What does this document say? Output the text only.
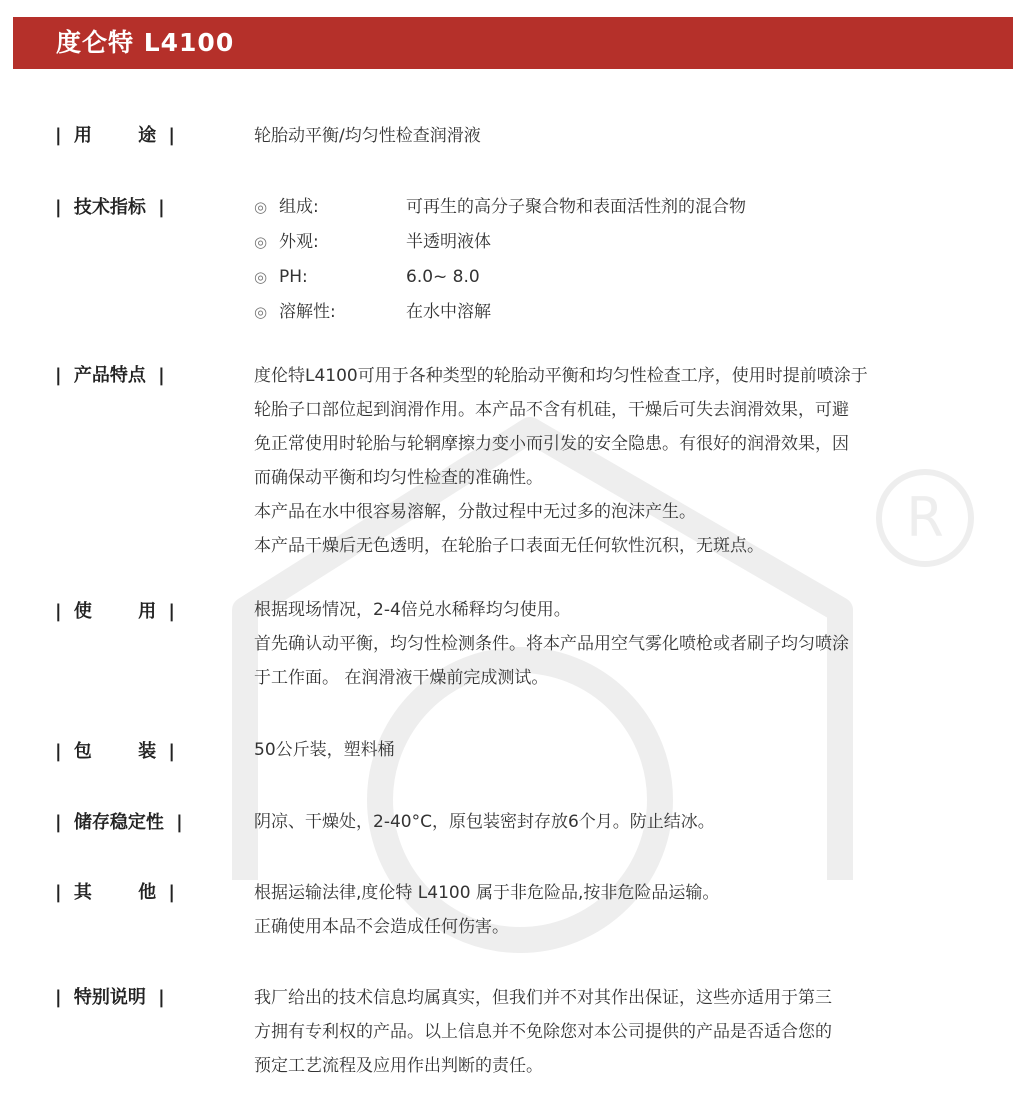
度仑特 L4100
R
| 用	途 |	轮胎动平衡/均匀性检查润滑液

| 技术指标 |	◎ 组成:	可再生的高分子聚合物和表面活性剂的混合物
◎ 外观:	半透明液体
◎ PH:	6.0~ 8.0
◎ 溶解性:	在水中溶解
| 产品特点 |	度伦特L4100可用于各种类型的轮胎动平衡和均匀性检查工序，使用时提前喷涂于

轮胎子口部位起到润滑作用。本产品不含有机硅，干燥后可失去润滑效果，可避

免正常使用时轮胎与轮辋摩擦力变小而引发的安全隐患。有很好的润滑效果，因

而确保动平衡和均匀性检查的准确性。

本产品在水中很容易溶解，分散过程中无过多的泡沫产生。

本产品干燥后无色透明，在轮胎子口表面无任何软性沉积，无斑点。

| 使	用 |	根据现场情况，2-4倍兑水稀释均匀使用。

首先确认动平衡，均匀性检测条件。将本产品用空气雾化喷枪或者刷子均匀喷涂

于工作面。 在润滑液干燥前完成测试。

| 包	装 |	50公斤装，塑料桶

| 储存稳定性 |	阴凉、干燥处，2-40°C，原包装密封存放6个月。防止结冰。

| 其	他 |	根据运输法律,度伦特 L4100 属于非危险品,按非危险品运输。

正确使用本品不会造成任何伤害。

| 特别说明 |	我厂给出的技术信息均属真实，但我们并不对其作出保证，这些亦适用于第三

方拥有专利权的产品。以上信息并不免除您对本公司提供的产品是否适合您的

预定工艺流程及应用作出判断的责任。
